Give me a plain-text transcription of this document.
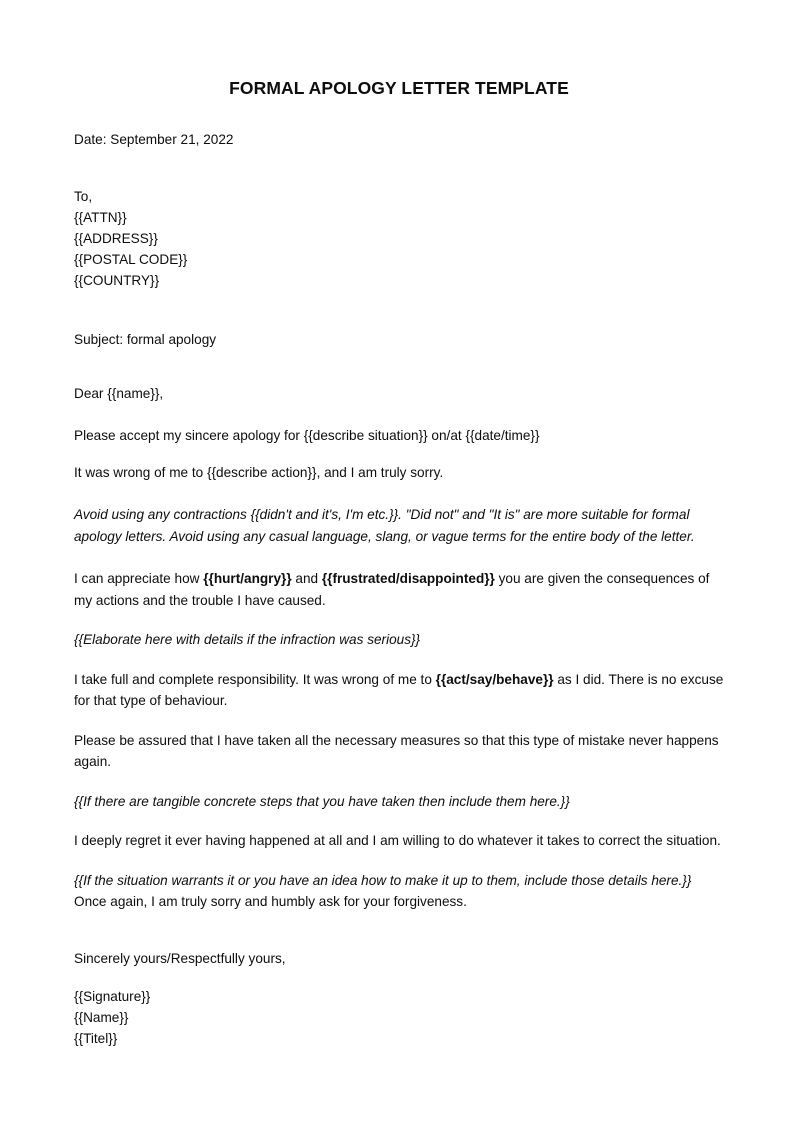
FORMAL APOLOGY LETTER TEMPLATE

Date: September 21, 2022

To,

{{ATTN}}

{{ADDRESS}}

{{POSTAL CODE}}

{{COUNTRY}}

Subject: formal apology

Dear {{name}},

Please accept my sincere apology for {{describe situation}} on/at {{date/time}}

It was wrong of me to {{describe action}}, and I am truly sorry.

Avoid using any contractions {{didn't and it's, I'm etc.}}. "Did not" and "It is" are more suitable for formal apology letters. Avoid using any casual language, slang, or vague terms for the entire body of the letter.

I can appreciate how {{hurt/angry}} and {{frustrated/disappointed}} you are given the consequences of my actions and the trouble I have caused.

{{Elaborate here with details if the infraction was serious}}

I take full and complete responsibility. It was wrong of me to {{act/say/behave}} as I did. There is no excuse for that type of behaviour.

Please be assured that I have taken all the necessary measures so that this type of mistake never happens again.

{{If there are tangible concrete steps that you have taken then include them here.}}

I deeply regret it ever having happened at all and I am willing to do whatever it takes to correct the situation.

{{If the situation warrants it or you have an idea how to make it up to them, include those details here.}}

Once again, I am truly sorry and humbly ask for your forgiveness.

Sincerely yours/Respectfully yours,

{{Signature}}

{{Name}}

{{Titel}}
